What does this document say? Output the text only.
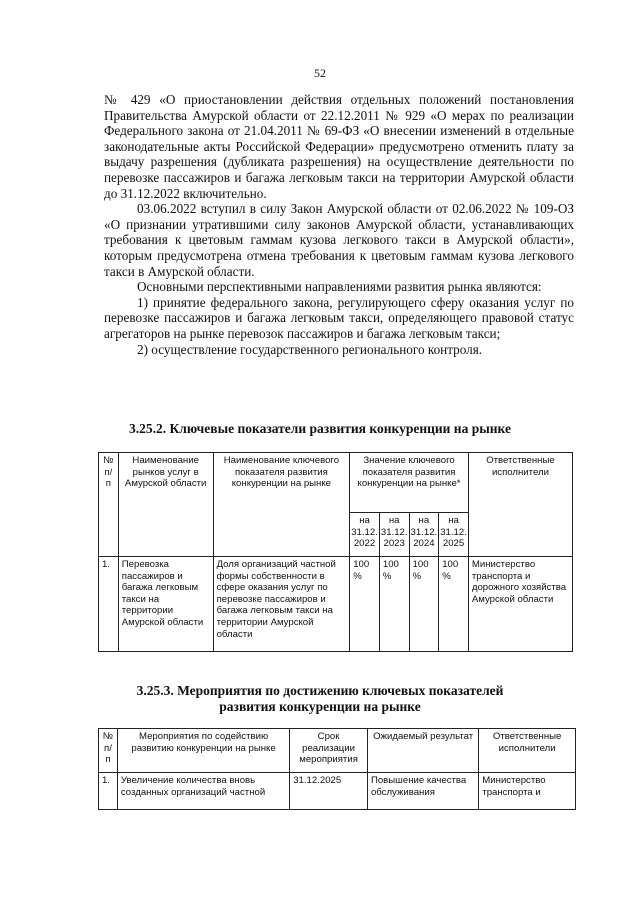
52

№ 429 «О приостановлении действия отдельных положений постановления Правительства Амурской области от 22.12.2011 № 929 «О мерах по реализации Федерального закона от 21.04.2011 № 69-ФЗ «О внесении изменений в отдельные законодательные акты Российской Федерации» предусмотрено отменить плату за выдачу разрешения (дубликата разрешения) на осуществление деятельности по перевозке пассажиров и багажа легковым такси на территории Амурской области до 31.12.2022 включительно.

03.06.2022 вступил в силу Закон Амурской области от 02.06.2022 № 109-ОЗ «О признании утратившими силу законов Амурской области, устанавливающих требования к цветовым гаммам кузова легкового такси в Амурской области», которым предусмотрена отмена требования к цветовым гаммам кузова легкового такси в Амурской области.

Основными перспективными направлениями развития рынка являются:

1) принятие федерального закона, регулирующего сферу оказания услуг по перевозке пассажиров и багажа легковым такси, определяющего правовой статус агрегаторов на рынке перевозок пассажиров и багажа легковым такси;

2) осуществление государственного регионального контроля.

3.25.2. Ключевые показатели развития конкуренции на рынке
№ п/п	Наименование рынков услуг в Амурской области	Наименование ключевого показателя развития конкуренции на рынке	Значение ключевого показателя развития конкуренции на рынке*				Ответственные исполнители
			на 31.12. 2022	на 31.12. 2023	на 31.12. 2024	на 31.12. 2025	
1.	Перевозка пассажиров и багажа легковым такси на территории Амурской области	Доля организаций частной формы собственности в сфере оказания услуг по перевозке пассажиров и багажа легковым такси на территории Амурской области	100 %	100 %	100 %	100 %	Министерство транспорта и дорожного хозяйства Амурской области
3.25.3. Мероприятия по достижению ключевых показателей
развития конкуренции на рынке
№ п/п	Мероприятия по содействию развитию конкуренции на рынке	Срок реализации мероприятия	Ожидаемый результат	Ответственные исполнители
1.	Увеличение количества вновь созданных организаций частной	31.12.2025	Повышение качества обслуживания	Министерство транспорта и
